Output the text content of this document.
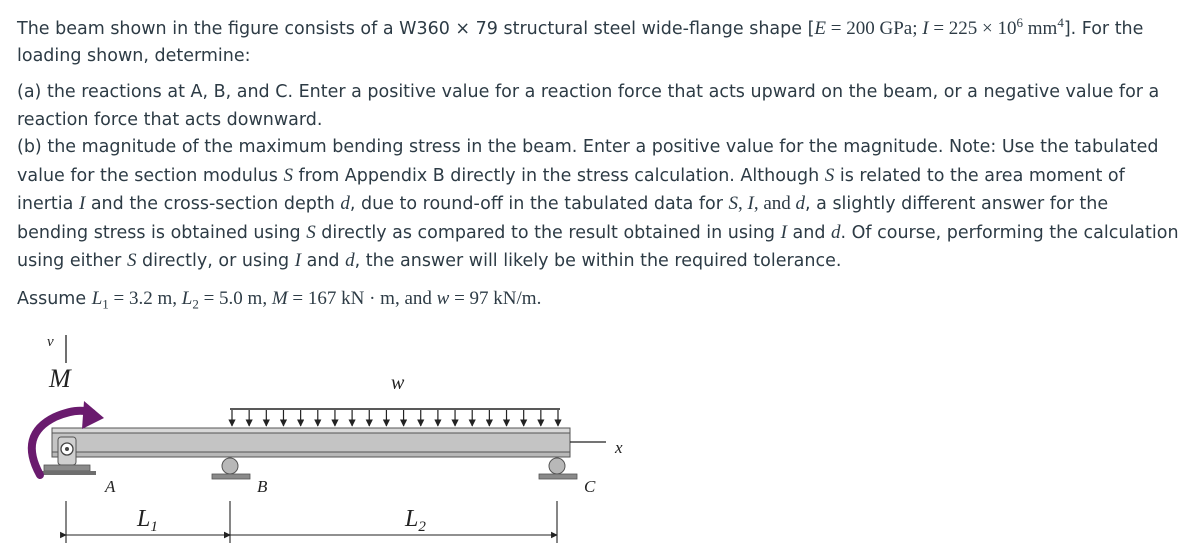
The beam shown in the figure consists of a W360 × 79 structural steel wide-flange shape [E = 200 GPa; $I = 225 \times 10^6$ $mm^4$]. For the loading shown, determine:

(a) the reactions at A, B, and C. Enter a positive value for a reaction force that acts upward on the beam, or a negative value for a reaction force that acts downward.

(b) the magnitude of the maximum bending stress in the beam. Enter a positive value for the magnitude. Note: Use the tabulated value for the section modulus S from Appendix B directly in the stress calculation. Although S is related to the area moment of inertia I and the cross-section depth d, due to round-off in the tabulated data for S, I, and d, a slightly different answer for the bending stress is obtained using S directly as compared to the result obtained in using I and d. Of course, performing the calculation using either S directly, or using I and d, the answer will likely be within the required tolerance.

Assume $L_1 = 3.2$ m, $L_2 = 5.0$ m, M = 167 kN · m, and w = 97 kN/m.

v
M	w
x
A	B	C
$L_1$	$L_2$
